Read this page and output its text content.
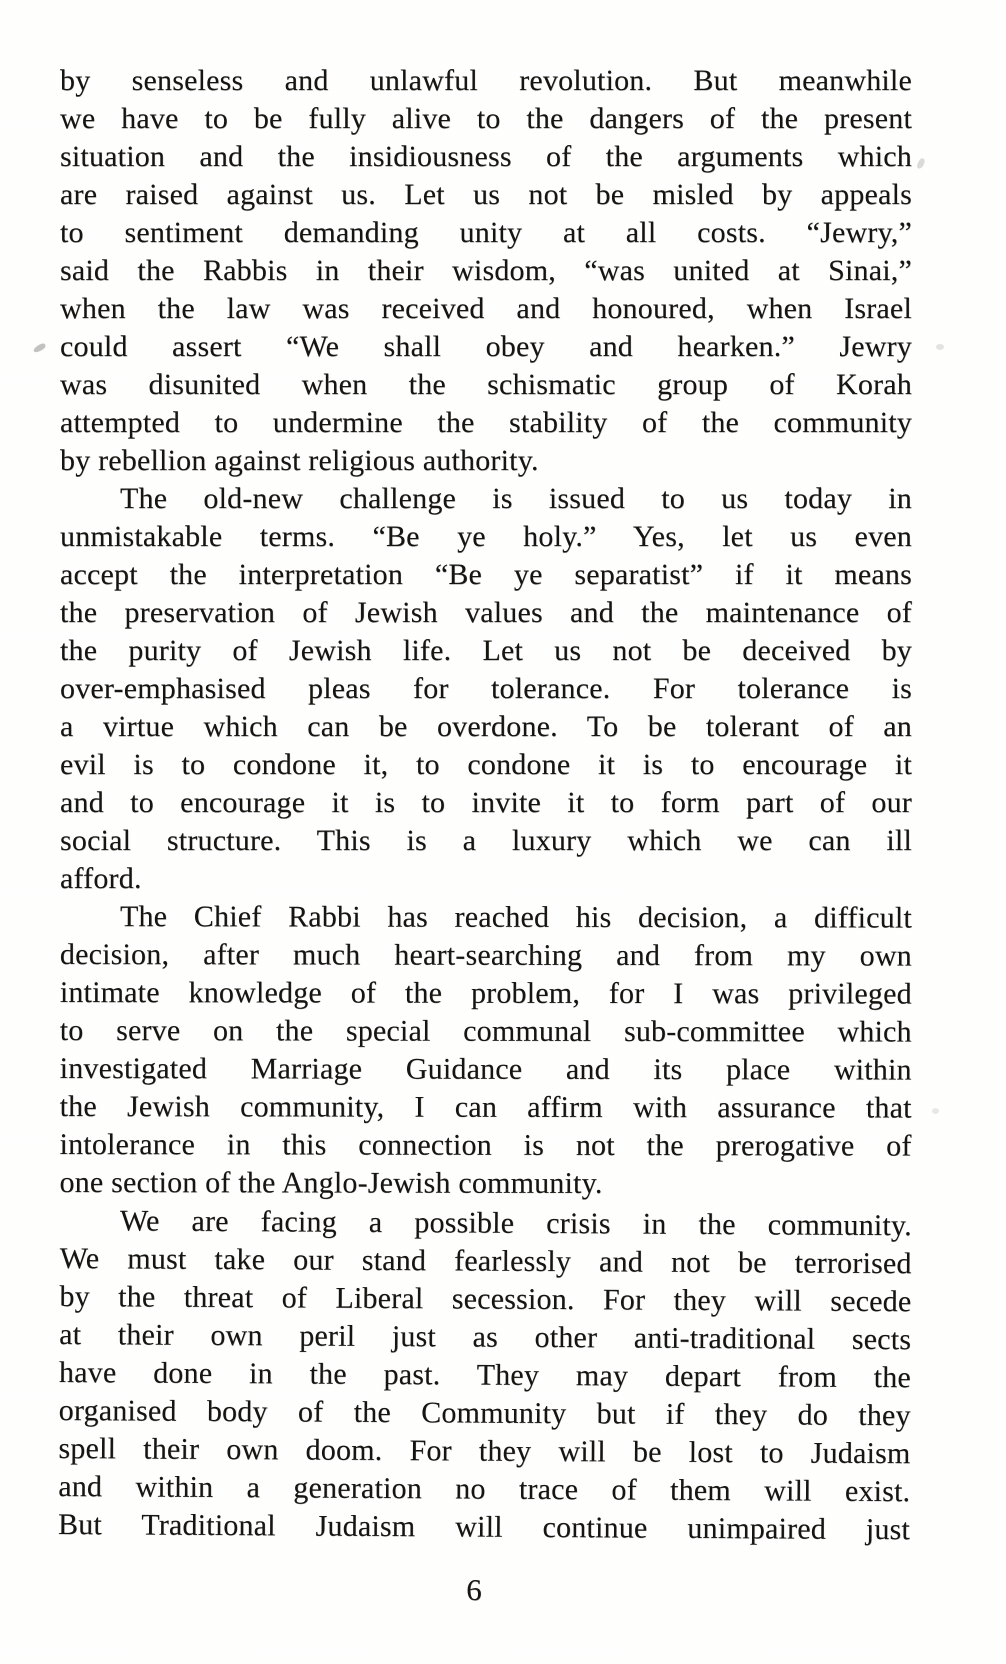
by senseless and unlawful revolution. But meanwhile
we have to be fully alive to the dangers of the present
situation and the insidiousness of the arguments which
are raised against us. Let us not be misled by appeals
to sentiment demanding unity at all costs. “Jewry,”
said the Rabbis in their wisdom, “was united at Sinai,”
when the law was received and honoured, when Israel
could assert “We shall obey and hearken.” Jewry
was disunited when the schismatic group of Korah
attempted to undermine the stability of the community
by rebellion against religious authority.

The old-new challenge is issued to us today in
unmistakable terms. “Be ye holy.” Yes, let us even
accept the interpretation “Be ye separatist” if it means
the preservation of Jewish values and the maintenance of
the purity of Jewish life. Let us not be deceived by
over-emphasised pleas for tolerance. For tolerance is
a virtue which can be overdone. To be tolerant of an
evil is to condone it, to condone it is to encourage it
and to encourage it is to invite it to form part of our
social structure. This is a luxury which we can ill
afford.

The Chief Rabbi has reached his decision, a difficult
decision, after much heart-searching and from my own
intimate knowledge of the problem, for I was privileged
to serve on the special communal sub-committee which
investigated Marriage Guidance and its place within
the Jewish community, I can affirm with assurance that
intolerance in this connection is not the prerogative of
one section of the Anglo-Jewish community.

We are facing a possible crisis in the community.
We must take our stand fearlessly and not be terrorised
by the threat of Liberal secession. For they will secede
at their own peril just as other anti-traditional sects
have done in the past. They may depart from the
organised body of the Community but if they do they
spell their own doom. For they will be lost to Judaism
and within a generation no trace of them will exist.
But Traditional Judaism will continue unimpaired just

6
